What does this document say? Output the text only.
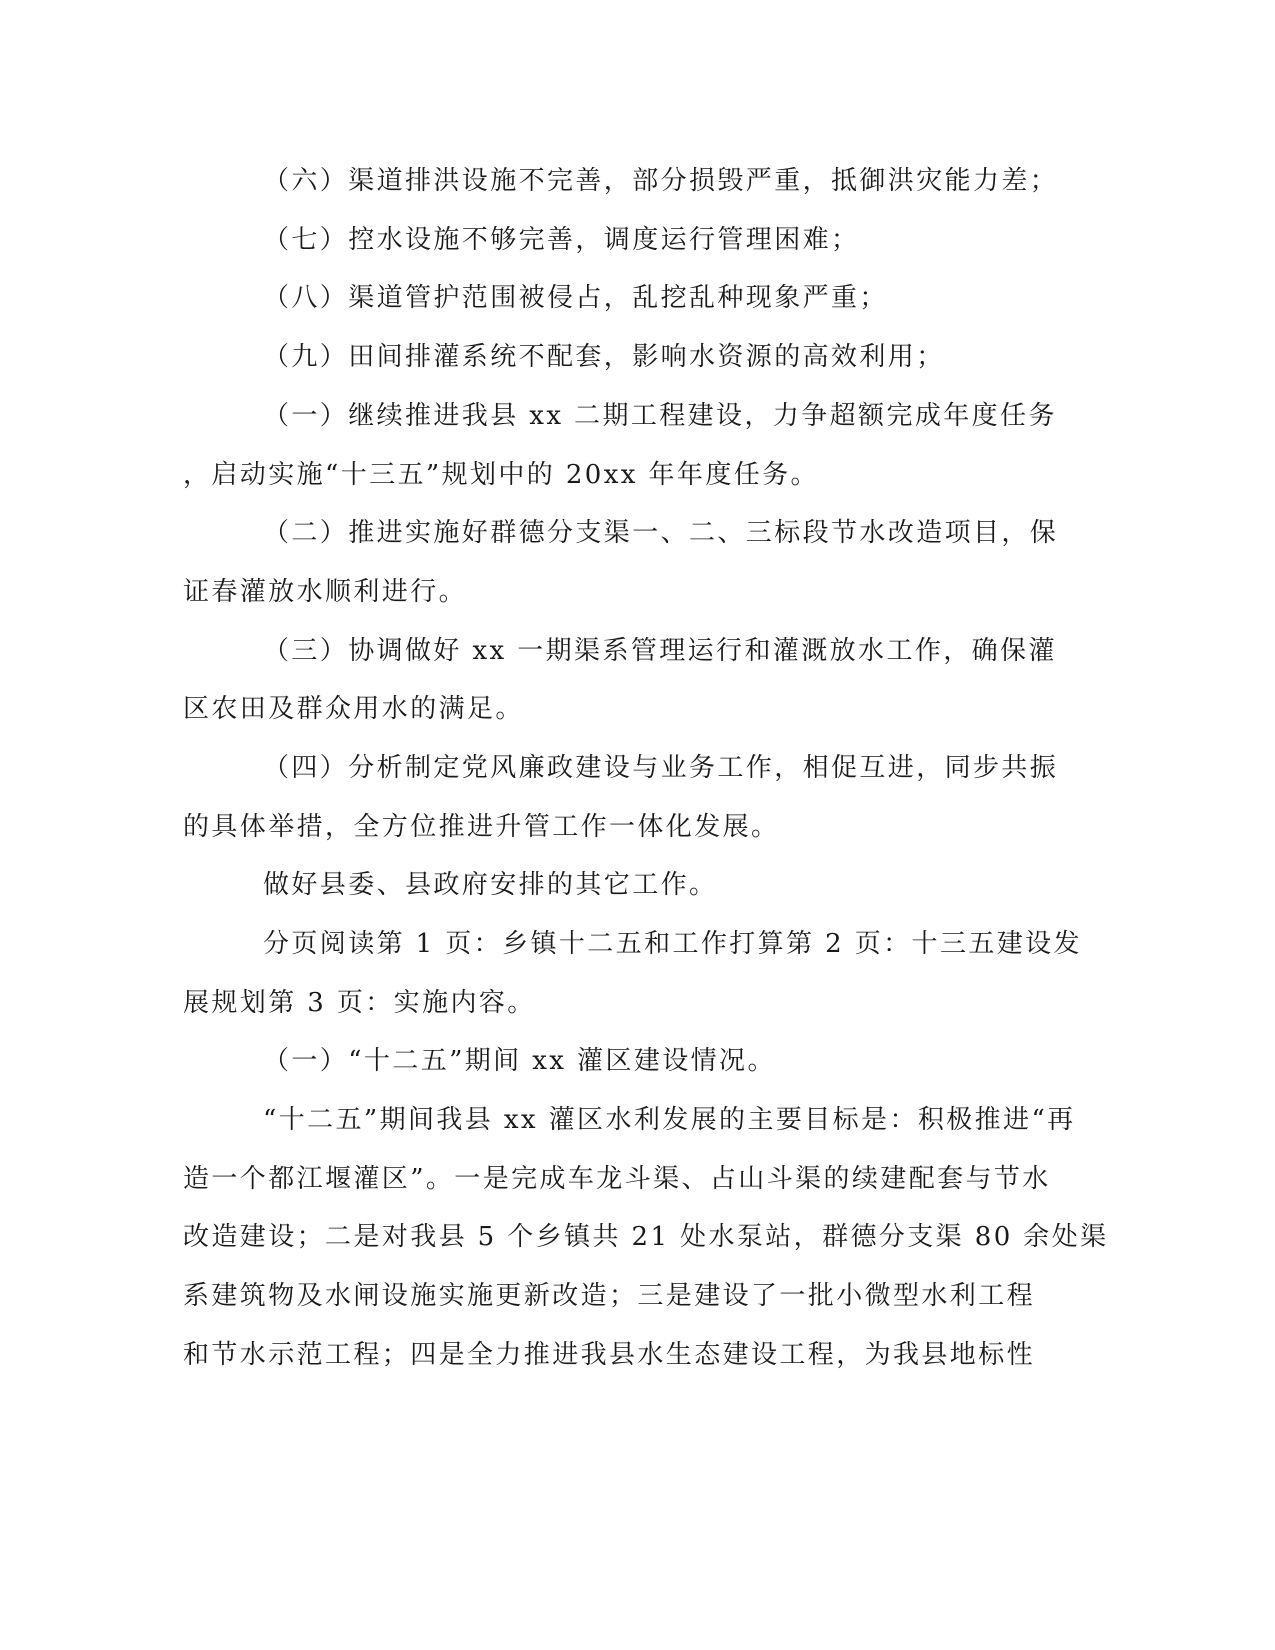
（六）渠道排洪设施不完善，部分损毁严重，抵御洪灾能力差；
（七）控水设施不够完善，调度运行管理困难；
（八）渠道管护范围被侵占，乱挖乱种现象严重；
（九）田间排灌系统不配套，影响水资源的高效利用；
（一）继续推进我县 xx 二期工程建设，力争超额完成年度任务
，启动实施“十三五”规划中的 20xx 年年度任务。
（二）推进实施好群德分支渠一、二、三标段节水改造项目，保
证春灌放水顺利进行。
（三）协调做好 xx 一期渠系管理运行和灌溉放水工作，确保灌
区农田及群众用水的满足。
（四）分析制定党风廉政建设与业务工作，相促互进，同步共振
的具体举措，全方位推进升管工作一体化发展。
做好县委、县政府安排的其它工作。
分页阅读第 1 页：乡镇十二五和工作打算第 2 页：十三五建设发
展规划第 3 页：实施内容。
（一）“十二五”期间 xx 灌区建设情况。
“十二五”期间我县 xx 灌区水利发展的主要目标是：积极推进“再
造一个都江堰灌区”。一是完成车龙斗渠、占山斗渠的续建配套与节水
改造建设；二是对我县 5 个乡镇共 21 处水泵站，群德分支渠 80 余处渠
系建筑物及水闸设施实施更新改造；三是建设了一批小微型水利工程
和节水示范工程；四是全力推进我县水生态建设工程，为我县地标性
